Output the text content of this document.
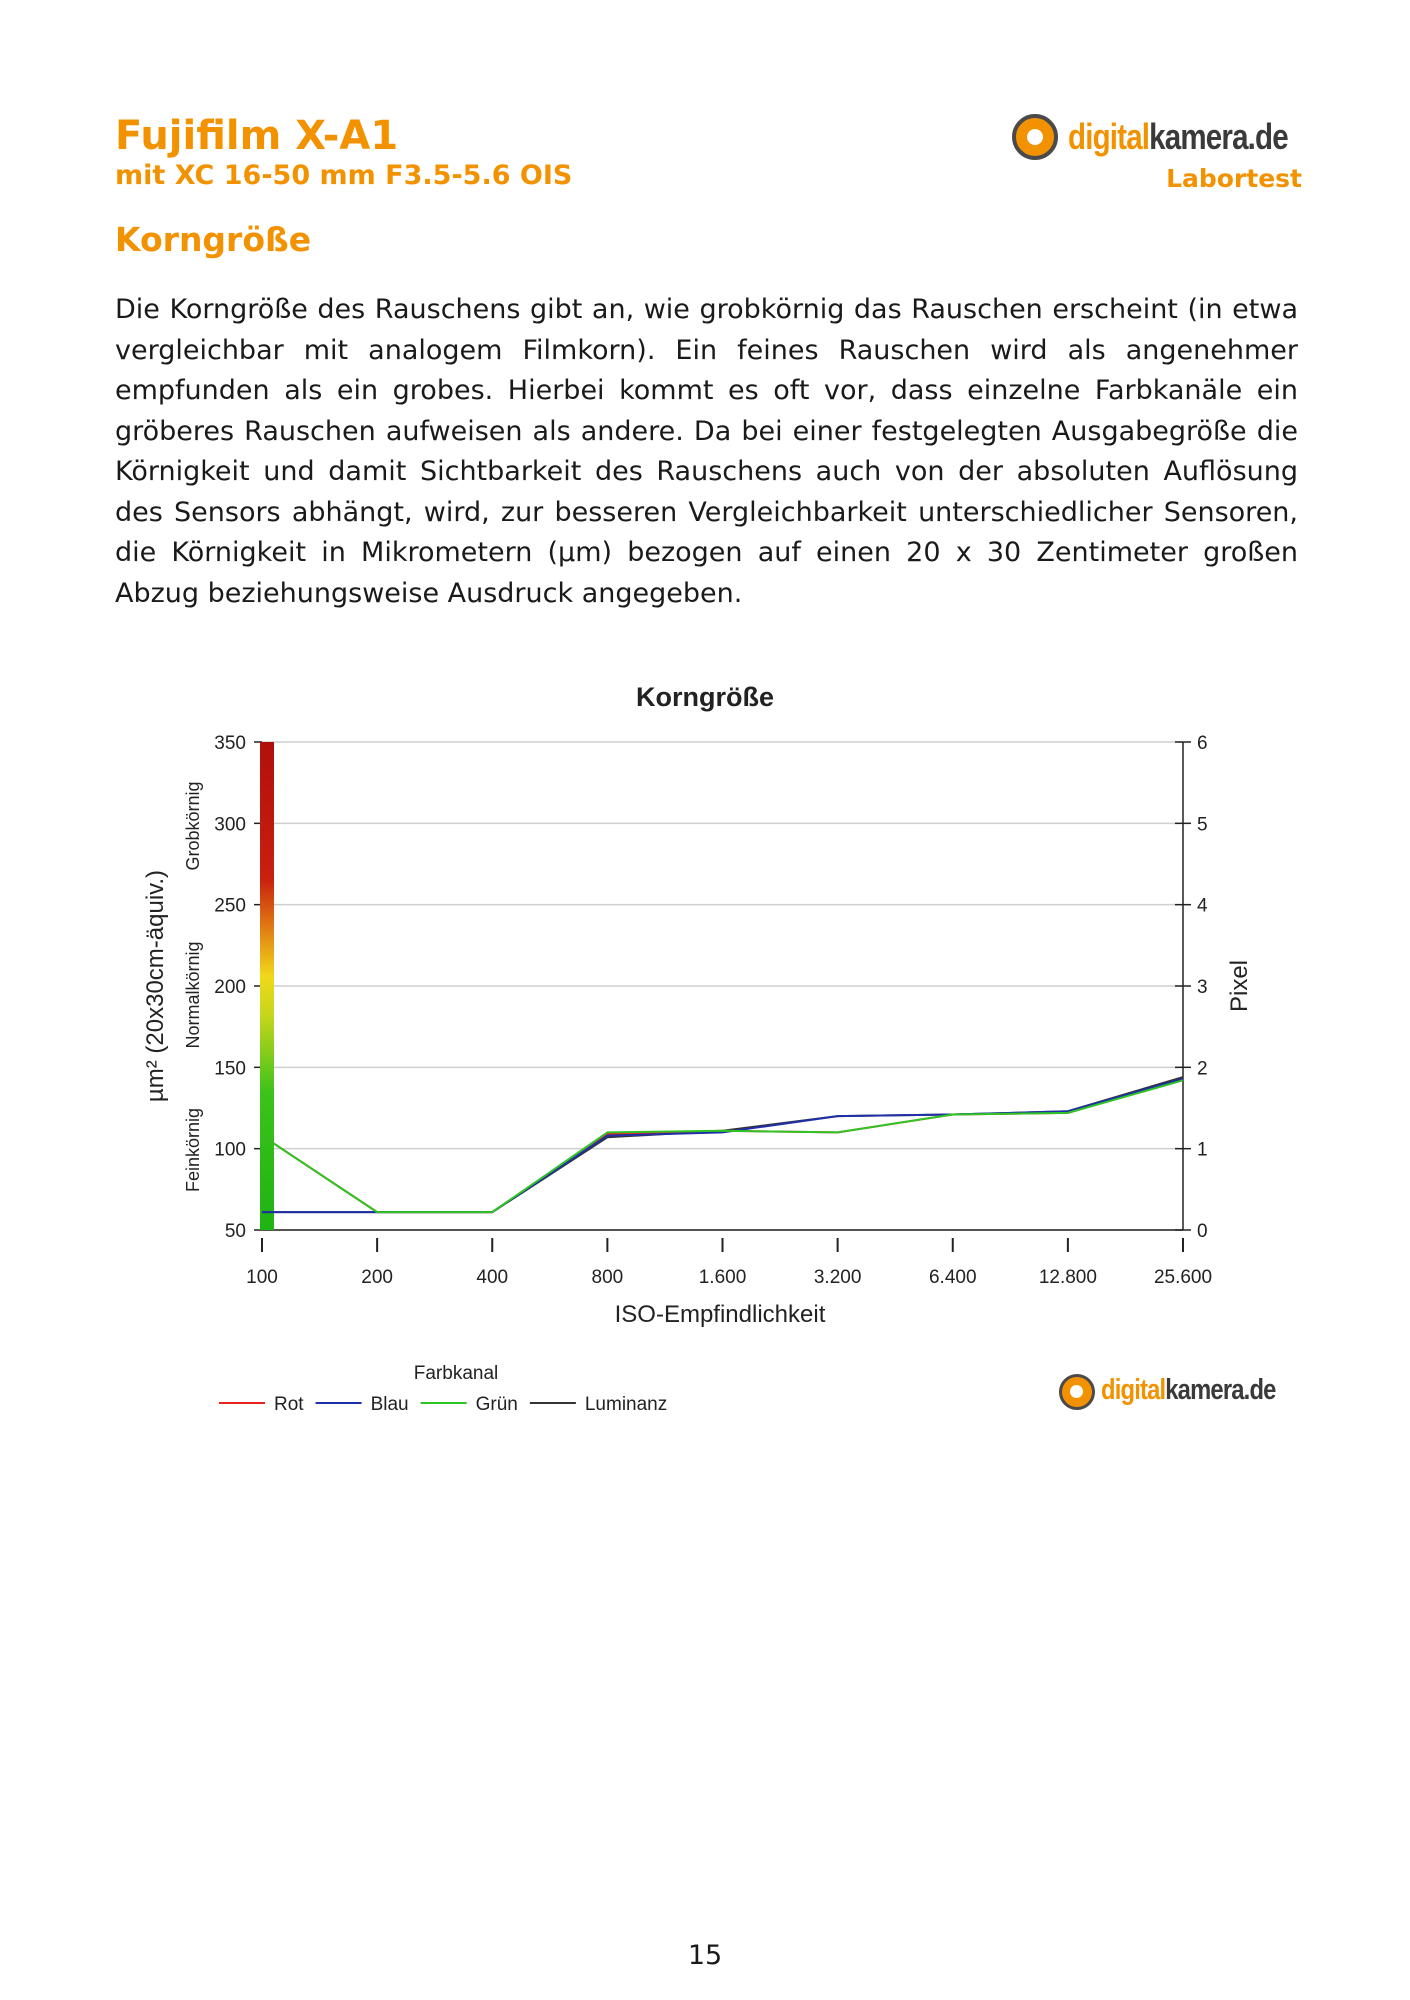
Fujifilm X-A1
mit XC 16-50 mm F3.5-5.6 OIS
Korngröße
digitalkamera.de
Labortest

Die Korngröße des Rauschens gibt an, wie grobkörnig das Rauschen erscheint (in etwa vergleichbar mit analogem Filmkorn). Ein feines Rauschen wird als angenehmer empfunden als ein grobes. Hierbei kommt es oft vor, dass einzelne Farbkanäle ein gröberes Rauschen aufweisen als andere. Da bei einer festgelegten Ausgabegröße die Körnigkeit und damit Sichtbarkeit des Rauschens auch von der absoluten Auflösung des Sensors abhängt, wird, zur besseren Vergleichbarkeit unterschiedlicher Sensoren, die Körnigkeit in Mikrometern (µm) bezogen auf einen 20 x 30 Zentimeter großen Abzug beziehungsweise Ausdruck angegeben.

Korngröße
50
100
150
200
250
300
350
0
1
2
3
4
5
6
100	200	400	800	1.600	3.200	6.400	12.800	25.600
ISO-Empfindlichkeit
µm² (20x30cm-äquiv.)	Pixel
Feinkörnig
Normalkörnig
Grobkörnig
Farbkanal
Rot	Blau	Grün	Luminanz	digitalkamera.de
15
